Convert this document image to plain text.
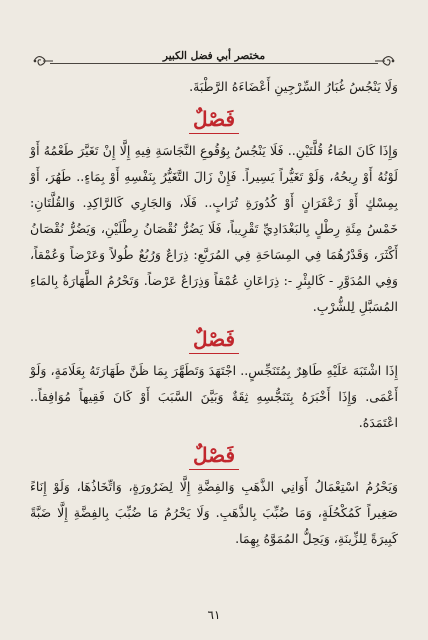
مختصر أبي فضل الكبير

وَلَا يَنْجُسُ غُبَارُ السِّرْجِينِ أَعْضَاءَهُ الرَّطْبَةَ.

فَصْلٌ

وَإِذَا كَانَ المَاءُ قُلَّتَيْنِ.. فَلَا يَنْجُسُ بِوُقُوعِ النَّجَاسَةِ فِيهِ إِلَّا إِنْ تَغَيَّرَ طَعْمُهُ أَوْ لَوْنُهُ أَوْ رِيحُهُ، وَلَوْ تَغَيُّراً يَسِيراً. فَإِنْ زَالَ التَّغَيُّرُ بِنَفْسِهِ أَوْ بِمَاءٍ.. طَهُرَ، أَوْ بِمِسْكٍ أَوْ زَعْفَرَانٍ أَوْ كُدُورَةِ تُرَابٍ.. فَلَا، وَالجَارِي كَالرَّاكِدِ. وَالقُلَّتَانِ: خَمْسُ مِئَةِ رِطْلٍ بِالبَغْدَادِيِّ تَقْرِيباً، فَلَا يَضُرُّ نُقْصَانُ رِطْلَيْنِ، وَيَضُرُّ نُقْصَانُ أَكْثَرَ، وَقَدْرُهُمَا فِي المِسَاحَةِ فِي المُرَبَّعِ: ذِرَاعٌ وَرُبُعٌ طُولاً وَعَرْضاً وَعُمْقاً، وَفِي المُدَوَّرِ - كَالبِئْرِ -: ذِرَاعَانِ عُمْقاً وَذِرَاعٌ عَرْضاً. وَتَحْرُمُ الطَّهَارَةُ بِالمَاءِ المُسَبَّلِ لِلشُّرْبِ.

فَصْلٌ

إِذَا اشْتَبَهَ عَلَيْهِ طَاهِرٌ بِمُتَنَجِّسٍ.. اجْتَهَدَ وَتَطَهَّرَ بِمَا ظَنَّ طَهَارَتَهُ بِعَلَامَةٍ، وَلَوْ أَعْمَى. وَإِذَا أَخْبَرَهُ بِتَنَجُّسِهِ ثِقَةٌ وَبَيَّنَ السَّبَبَ أَوْ كَانَ فَقِيهاً مُوَافِقاً.. اعْتَمَدَهُ.

فَصْلٌ

وَيَحْرُمُ اسْتِعْمَالُ أَوَانِي الذَّهَبِ وَالفِضَّةِ إِلَّا لِضَرُورَةٍ، وَاتِّخَاذُهَا، وَلَوْ إِنَاءً صَغِيراً كَمُكْحُلَةٍ، وَمَا ضُبِّبَ بِالذَّهَبِ. وَلَا يَحْرُمُ مَا ضُبِّبَ بِالفِضَّةِ إِلَّا ضَبَّةً كَبِيرَةً لِلزِّينَةِ، وَيَحِلُّ المُمَوَّهُ بِهِمَا.

٦١
